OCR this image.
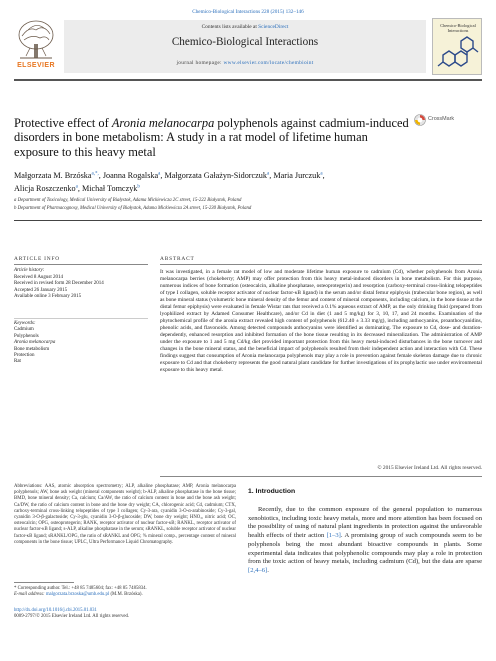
Chemico-Biological Interactions 228 (2015) 132–146
ELSEVIER
Contents lists available at ScienceDirect
Chemico-Biological Interactions
journal homepage: www.elsevier.com/locate/chembioint
Chemico-Biological Interactions
Protective effect of Aronia melanocarpa polyphenols against cadmium-induced disorders in bone metabolism: A study in a rat model of lifetime human exposure to this heavy metal
CrossMark
Małgorzata M. Brzóska$^{a,*,}$, Joanna Rogalska$^a$, Małgorzata Gałażyn-Sidorczuk$^a$, Maria Jurczuk$^a$,
Alicja Roszczenko$^a$, Michał Tomczyk$^b$
a Department of Toxicology, Medical University of Białystok, Adama Mickiewicza 2C street, 15-222 Białystok, Poland
b Department of Pharmacognosy, Medical University of Białystok, Adama Mickiewicza 2A street, 15-230 Białystok, Poland
ARTICLE INFO	ABSTRACT
Article history:
Received 8 August 2014
Received in revised form 28 December 2014
Accepted 26 January 2015
Available online 3 February 2015
Keywords:
Cadmium
Polyphenols
Aronia melanocarpa
Bone metabolism
Protection
Rat
It was investigated, in a female rat model of low and moderate lifetime human exposure to cadmium (Cd), whether polyphenols from Aronia melanocarpa berries (chokeberry; AMP) may offer protection from this heavy metal-induced disorders in bone metabolism. For this purpose, numerous indices of bone formation (osteocalcin, alkaline phosphatase, osteoprotegerin) and resorption (carboxy-terminal cross-linking telopeptides of type I collagen, soluble receptor activator of nuclear factor-κB ligand) in the serum and/or distal femur epiphysis (trabecular bone region), as well as bone mineral status (volumetric bone mineral density of the femur and content of mineral components, including calcium, in the bone tissue at the distal femur epiphysis) were evaluated in female Wistar rats that received a 0.1% aqueous extract of AMP, as the only drinking fluid (prepared from lyophilized extract by Adamed Consumer Healthcare), and/or Cd in diet (1 and 5 mg/kg) for 3, 10, 17, and 24 months. Examination of the phytochemical profile of the aronia extract revealed high content of polyphenols (612.40 ± 3.33 mg/g), including anthocyanins, proanthocyanidins, phenolic acids, and flavonoids. Among detected compounds anthocyanins were identified as dominating. The exposure to Cd, dose- and duration-dependently, enhanced resorption and inhibited formation of the bone tissue resulting in its decreased mineralization. The administration of AMP under the exposure to 1 and 5 mg Cd/kg diet provided important protection from this heavy metal-induced disturbances in the bone turnover and changes in the bone mineral status, and the beneficial impact of polyphenols resulted from their independent action and interaction with Cd. These findings suggest that consumption of Aronia melanocarpa polyphenols may play a role in prevention against female skeleton damage due to chronic exposure to Cd and that chokeberry represents the good natural plant candidate for further investigations of its prophylactic use under environmental exposure to this heavy metal.
© 2015 Elsevier Ireland Ltd. All rights reserved.
Abbreviations: AAS, atomic absorption spectrometry; ALP, alkaline phosphatase; AMP, Aronia melanocarpa polyphenols; AW, bone ash weight (mineral components weight); b-ALP, alkaline phosphatase in the bone tissue; BMD, bone mineral density; Ca, calcium; Ca/AW, the ratio of calcium content in bone and the bone ash weight; Ca/DW, the ratio of calcium content in bone and the bone dry weight; CA, chlorogenic acid; Cd, cadmium; CTX, carboxy-terminal cross-linking telopeptides of type I collagen; Cy-3-ara, cyanidin 3-O-α-arabinoside; Cy-3-gal, cyanidin 3-O-β-galactoside; Cy-3-glu, cyanidin 3-O-β-glucoside; DW, bone dry weight; HNO₃, nitric acid; OC, osteocalcin; OPG, osteoprotegerin; RANK, receptor activator of nuclear factor-κB; RANKL, receptor activator of nuclear factor-κB ligand; s-ALP, alkaline phosphatase in the serum; sRANKL, soluble receptor activator of nuclear factor-κB ligand; sRANKL/OPG, the ratio of sRANKL and OPG; % mineral comp., percentage content of mineral components in the bone tissue; UPLC, Ultra Performance Liquid Chromatography.
* Corresponding author. Tel.: +48 85 7485604; fax: +48 85 7485834.
E-mail address: malgorzata.brzoska@umb.edu.pl (M.M. Brzóska).
http://dx.doi.org/10.1016/j.cbi.2015.01.031
0009-2797/© 2015 Elsevier Ireland Ltd. All rights reserved.
1. Introduction
Recently, due to the common exposure of the general population to numerous xenobiotics, including toxic heavy metals, more and more attention has been focused on the possibility of using of natural plant ingredients in protection against the unfavorable health effects of their action [1–3]. A promising group of such compounds seem to be polyphenols being the most abundant bioactive compounds in plants. Some experimental data indicates that polyphenolic compounds may play a role in protection from the toxic action of heavy metals, including cadmium (Cd), but the data are sparse [2,4–6].
